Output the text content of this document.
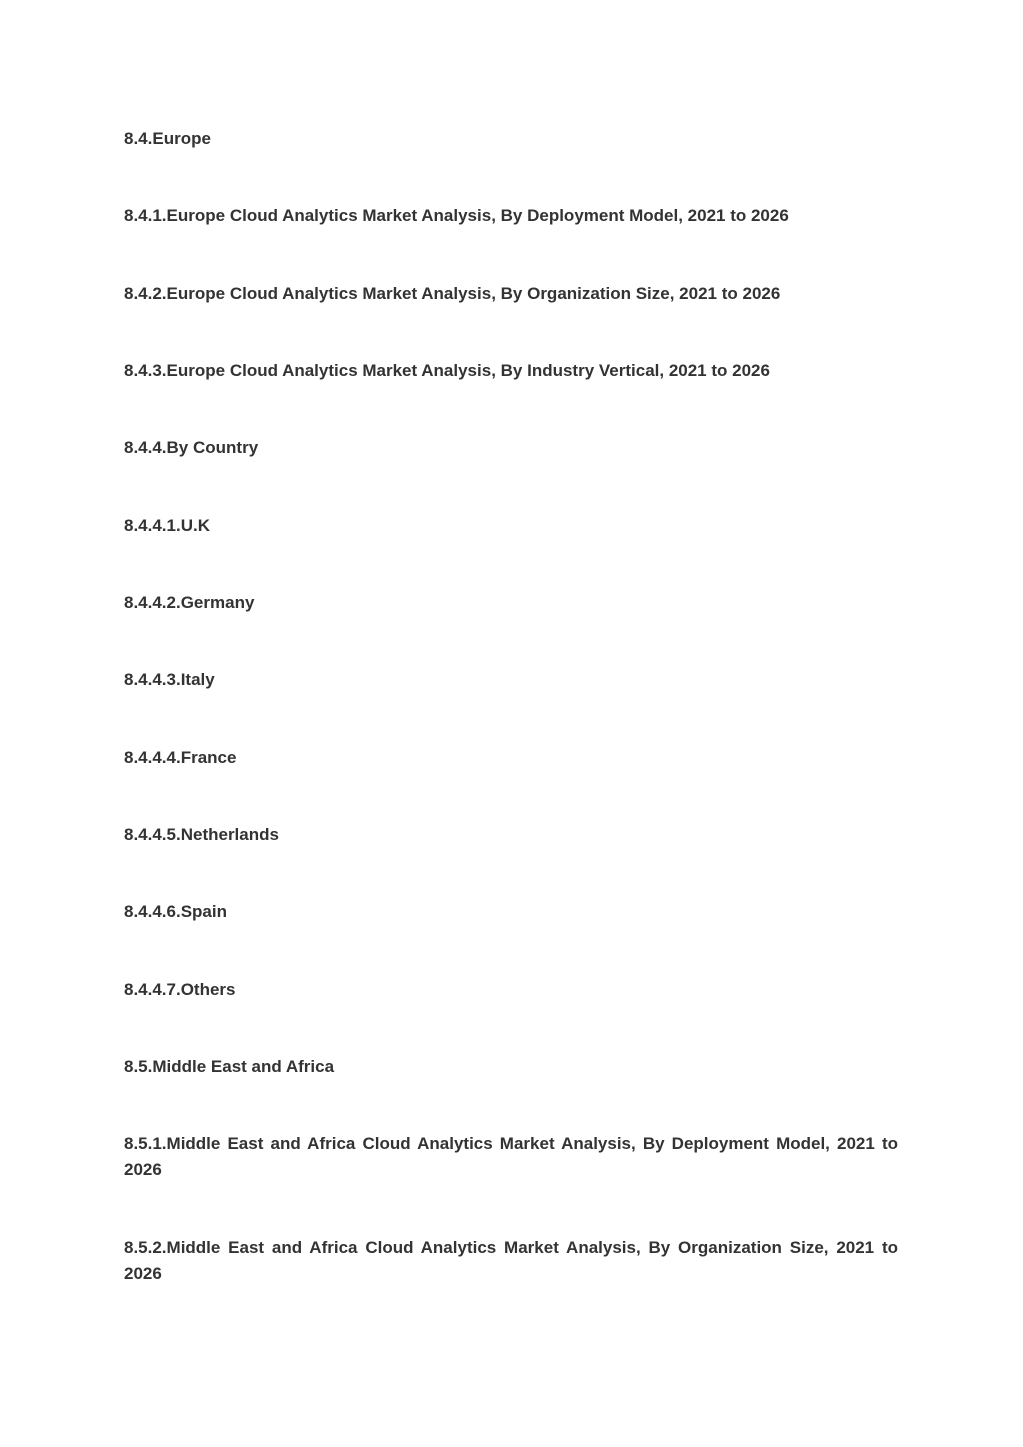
8.4.Europe

8.4.1.Europe Cloud Analytics Market Analysis, By Deployment Model, 2021 to 2026

8.4.2.Europe Cloud Analytics Market Analysis, By Organization Size, 2021 to 2026

8.4.3.Europe Cloud Analytics Market Analysis, By Industry Vertical, 2021 to 2026

8.4.4.By Country

8.4.4.1.U.K

8.4.4.2.Germany

8.4.4.3.Italy

8.4.4.4.France

8.4.4.5.Netherlands

8.4.4.6.Spain

8.4.4.7.Others

8.5.Middle East and Africa

8.5.1.Middle East and Africa Cloud Analytics Market Analysis, By Deployment Model, 2021 to 2026

8.5.2.Middle East and Africa Cloud Analytics Market Analysis, By Organization Size, 2021 to 2026
